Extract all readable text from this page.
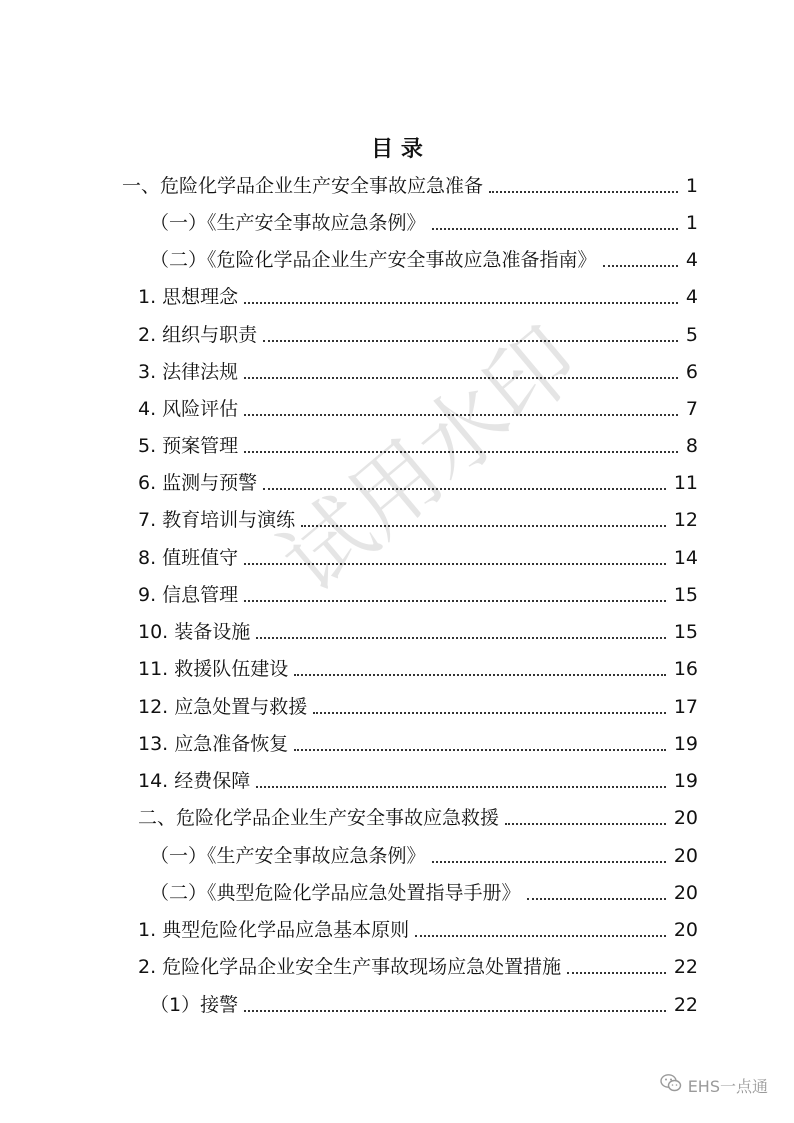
目 录
一、危险化学品企业生产安全事故应急准备	1
（一）《生产安全事故应急条例》	1
（二）《危险化学品企业生产安全事故应急准备指南》	4
1. 思想理念	4
2. 组织与职责	5
3. 法律法规	6
4. 风险评估	7
5. 预案管理	8
6. 监测与预警	11
7. 教育培训与演练	12
8. 值班值守	14
9. 信息管理	15
10. 装备设施	15
11. 救援队伍建设	16
12. 应急处置与救援	17
13. 应急准备恢复	19
14. 经费保障	19
二、危险化学品企业生产安全事故应急救援	20
（一）《生产安全事故应急条例》	20
（二）《典型危险化学品应急处置指导手册》	20
1. 典型危险化学品应急基本原则	20
2. 危险化学品企业安全生产事故现场应急处置措施	22
（1）接警	22
试用水印
EHS一点通
